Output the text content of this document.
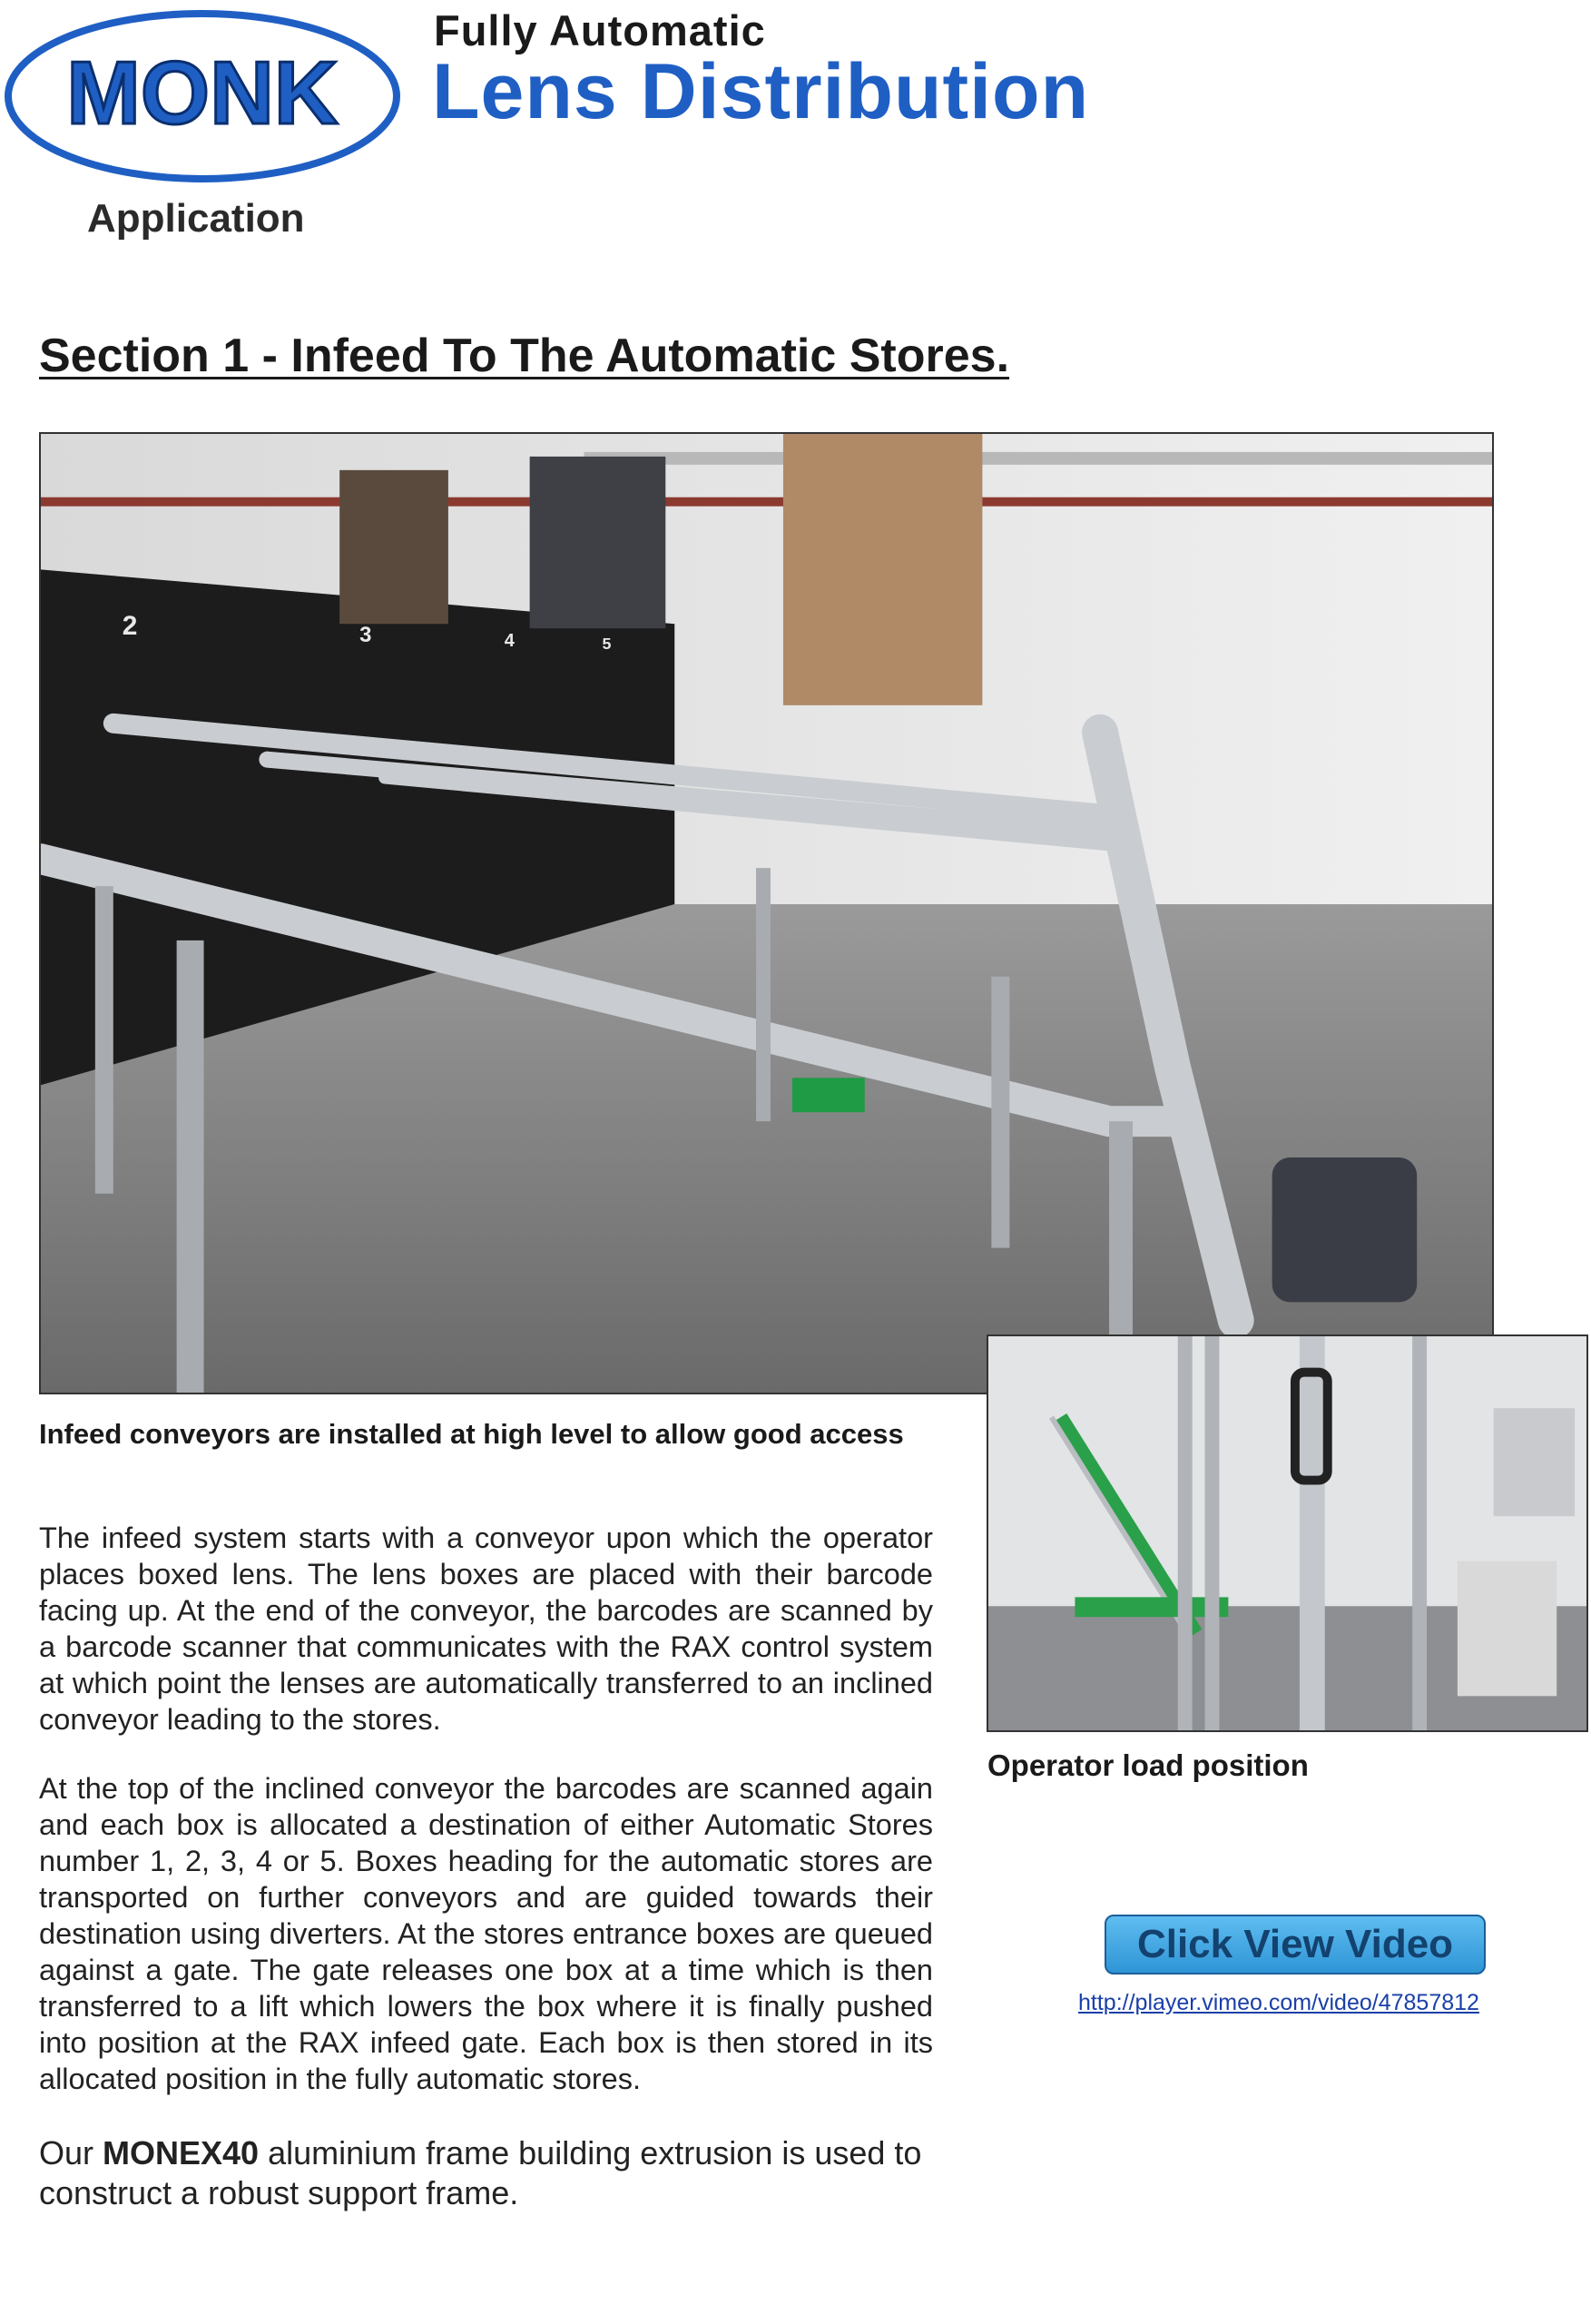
MONK
Fully Automatic
Lens Distribution
Application
Section 1 - Infeed To The Automatic Stores.
2	3	4	5
Infeed conveyors are installed at high level to allow good access
Operator load position
The infeed system starts with a conveyor upon which the operator places boxed lens. The lens boxes are placed with their barcode facing up. At the end of the conveyor, the barcodes are scanned by a barcode scanner that communicates with the RAX control system at which point the lenses are automatically transferred to an inclined conveyor leading to the stores.
At the top of the inclined conveyor the barcodes are scanned again and each box is allocated a destination of either Automatic Stores number 1, 2, 3, 4 or 5. Boxes heading for the automatic stores are transported on further conveyors and are guided towards their destination using diverters. At the stores entrance boxes are queued against a gate. The gate releases one box at a time which is then transferred to a lift which lowers the box where it is finally pushed into position at the RAX infeed gate. Each box is then stored in its allocated position in the fully automatic stores.
Our MONEX40 aluminium frame building extrusion is used to construct a robust support frame.
Click View Video
http://player.vimeo.com/video/47857812
